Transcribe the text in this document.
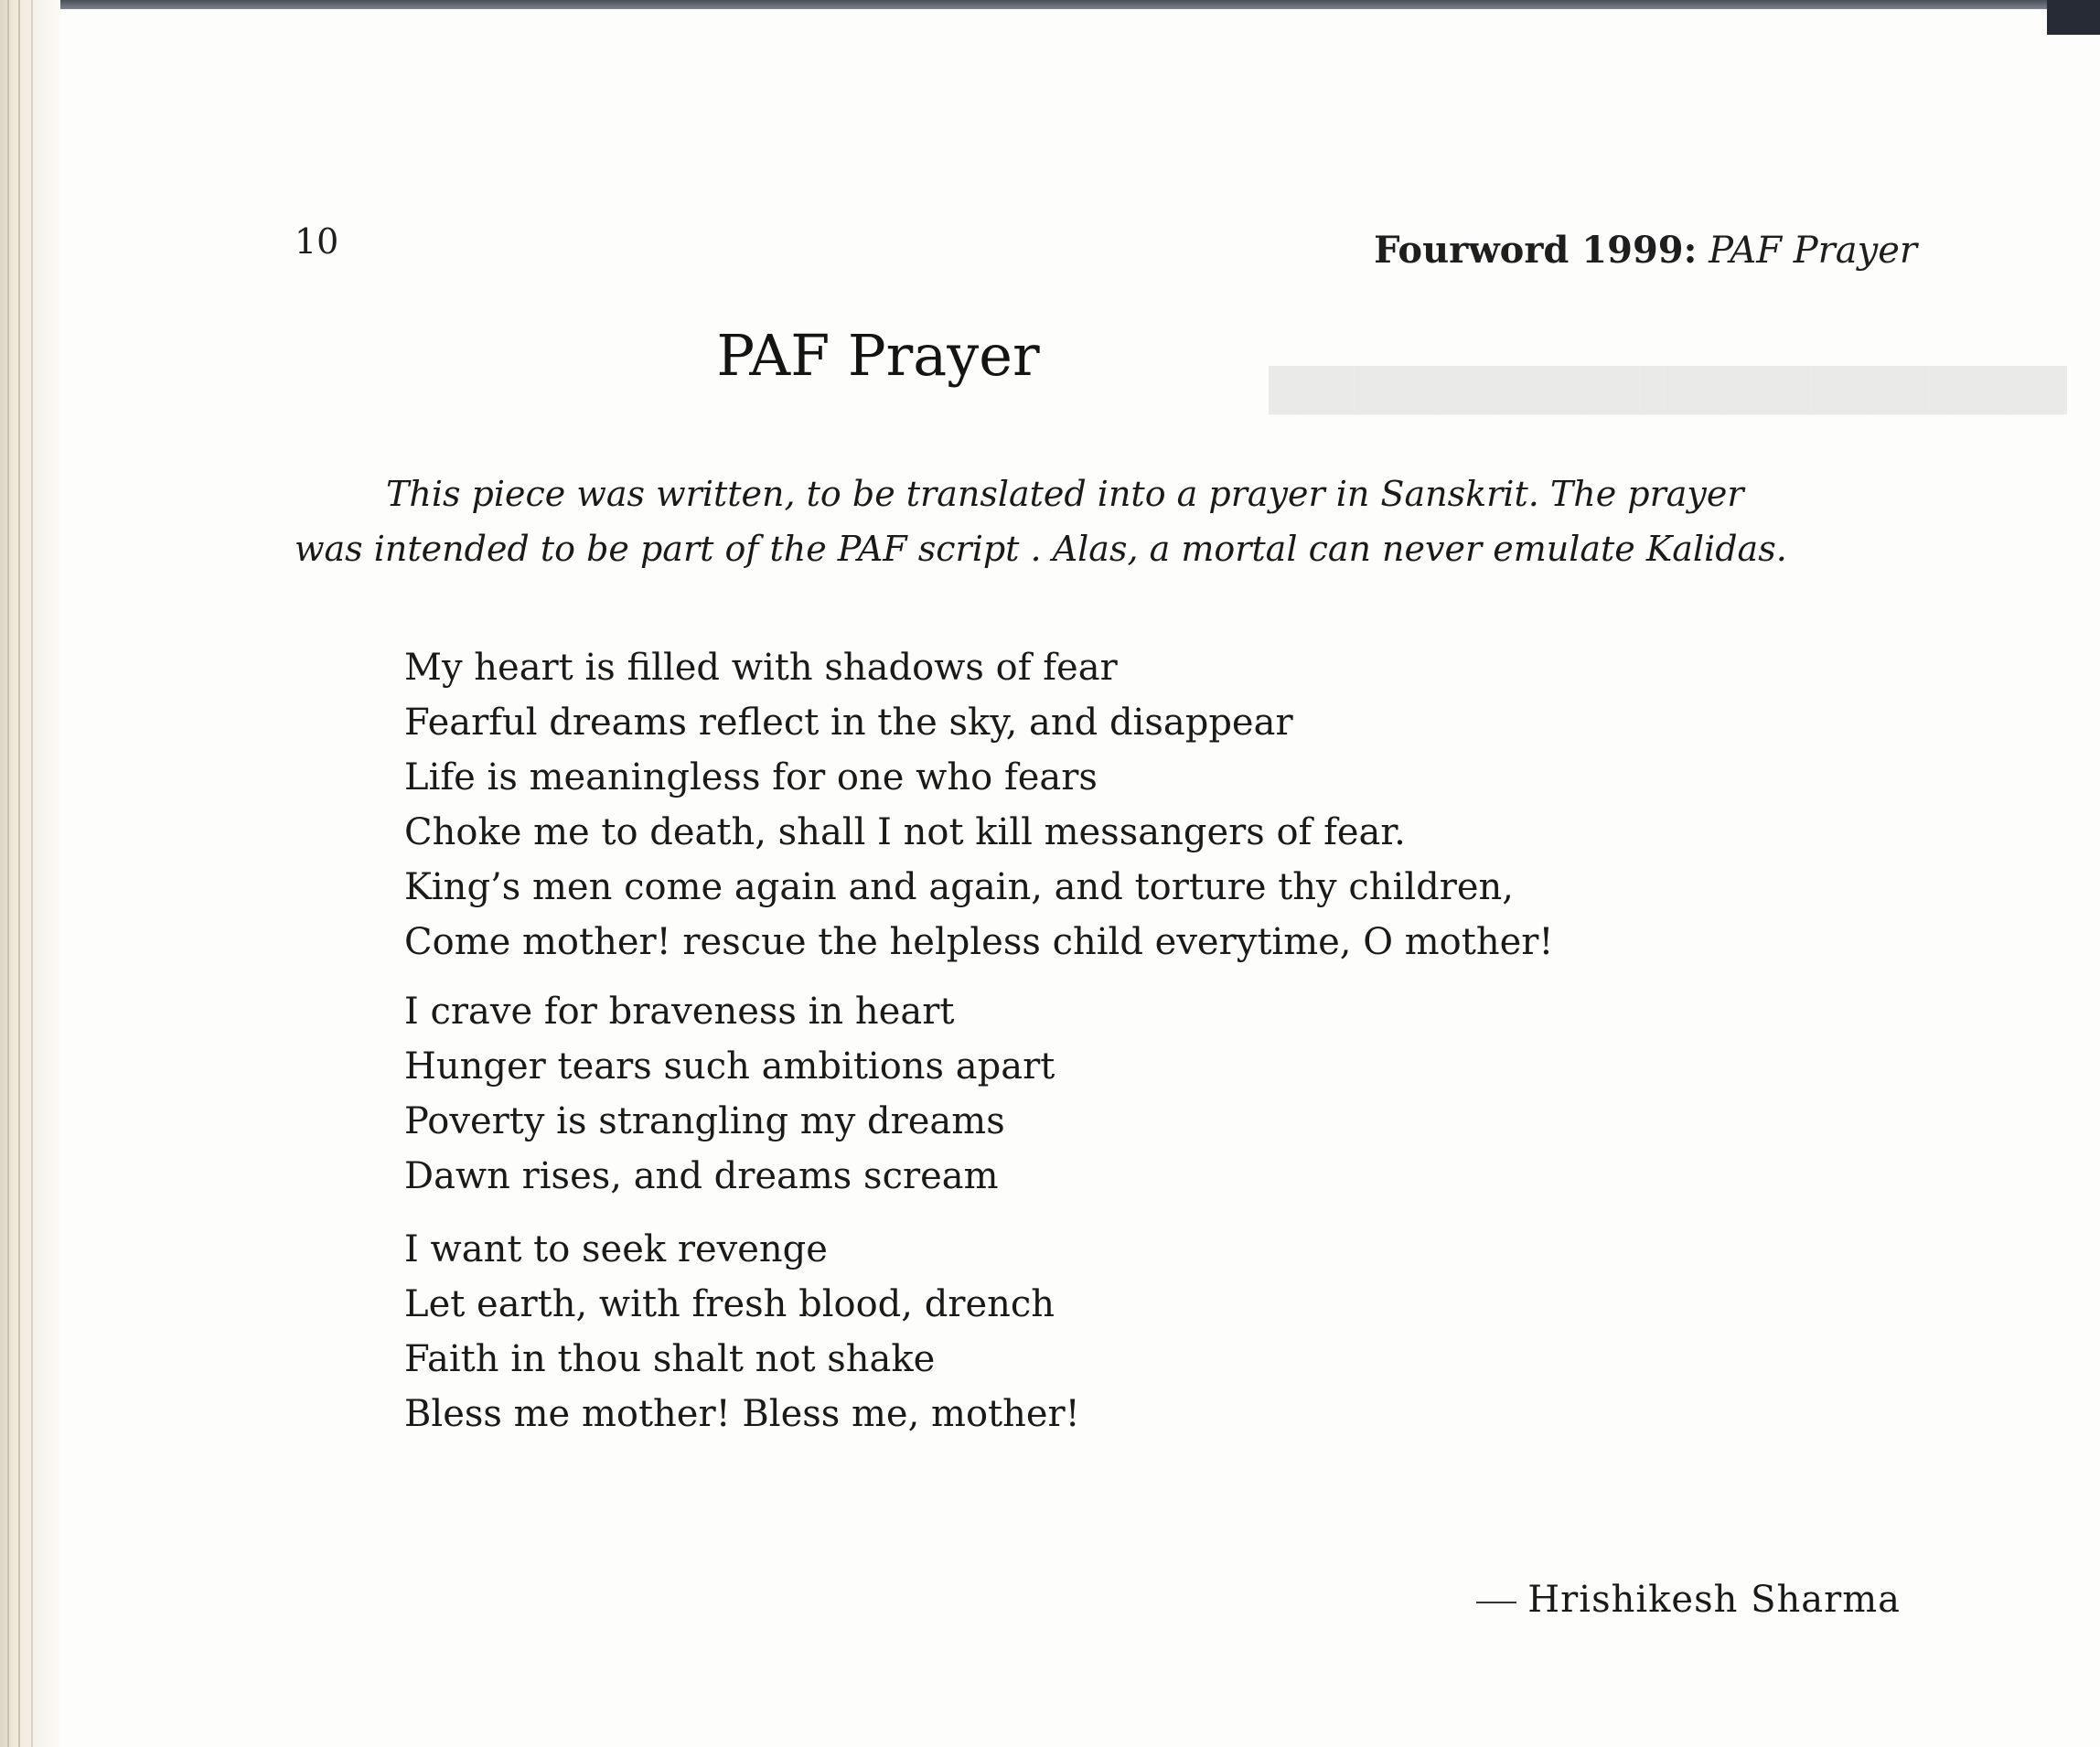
████████████████████████████
10	Fourword 1999: PAF Prayer
PAF Prayer
This piece was written, to be translated into a prayer in Sanskrit. The prayer
was intended to be part of the PAF script . Alas, a mortal can never emulate Kalidas.
My heart is filled with shadows of fear
Fearful dreams reflect in the sky, and disappear
Life is meaningless for one who fears
Choke me to death, shall I not kill messangers of fear.
King’s men come again and again, and torture thy children,
Come mother! rescue the helpless child everytime, O mother!
I crave for braveness in heart
Hunger tears such ambitions apart
Poverty is strangling my dreams
Dawn rises, and dreams scream
I want to seek revenge
Let earth, with fresh blood, drench
Faith in thou shalt not shake
Bless me mother! Bless me, mother!
Hrishikesh Sharma
